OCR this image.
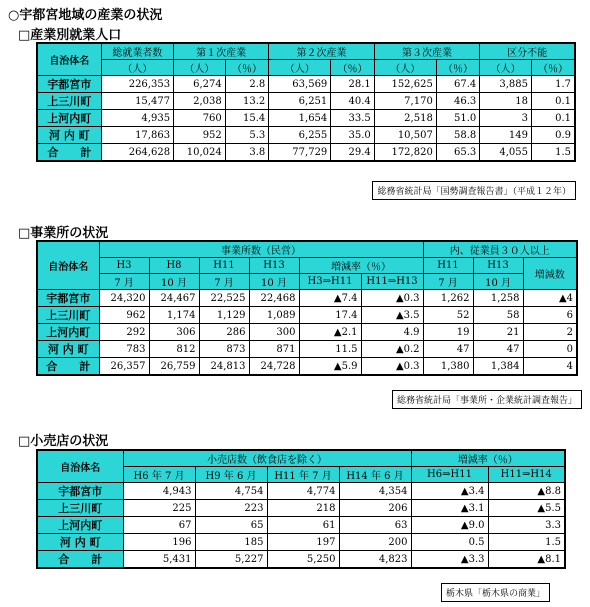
○宇都宮地域の産業の状況
□産業別就業人口
自治体名	総就業者数	第１次産業		第２次産業		第３次産業		区分不能	
	（人）	（人）	（％）	（人）	（％）	（人）	（％）	（人）	（％）
宇都宮市	226,353	6,274	2.8	63,569	28.1	152,625	67.4	3,885	1.7
上三川町	15,477	2,038	13.2	6,251	40.4	7,170	46.3	18	0.1
上河内町	4,935	760	15.4	1,654	33.5	2,518	51.0	3	0.1
河 内 町	17,863	952	5.3	6,255	35.0	10,507	58.8	149	0.9
合　　計	264,628	10,024	3.8	77,729	29.4	172,820	65.3	4,055	1.5
総務省統計局「国勢調査報告書」（平成１２年）
□事業所の状況
自治体名	事業所数（民営）						内、従業員３０人以上		
	H3	H8	H11	H13	増減率（％）		H11	H13	増減数
	7 月	10 月	7 月	10 月	H3⇒H11	H11⇒H13	7 月	10 月	
宇都宮市	24,320	24,467	22,525	22,468	▲7.4	▲0.3	1,262	1,258	▲4
上三川町	962	1,174	1,129	1,089	17.4	▲3.5	52	58	6
上河内町	292	306	286	300	▲2.1	4.9	19	21	2
河 内 町	783	812	873	871	11.5	▲0.2	47	47	0
合　　計	26,357	26,759	24,813	24,728	▲5.9	▲0.3	1,380	1,384	4
総務省統計局「事業所・企業統計調査報告」
□小売店の状況
自治体名	小売店数（飲食店を除く）				増減率（％）	
	H6 年 7 月	H9 年 6 月	H11 年 7 月	H14 年 6 月	H6⇒H11	H11⇒H14
宇都宮市	4,943	4,754	4,774	4,354	▲3.4	▲8.8
上三川町	225	223	218	206	▲3.1	▲5.5
上河内町	67	65	61	63	▲9.0	3.3
河 内 町	196	185	197	200	0.5	1.5
合　　計	5,431	5,227	5,250	4,823	▲3.3	▲8.1
栃木県「栃木県の商業」
